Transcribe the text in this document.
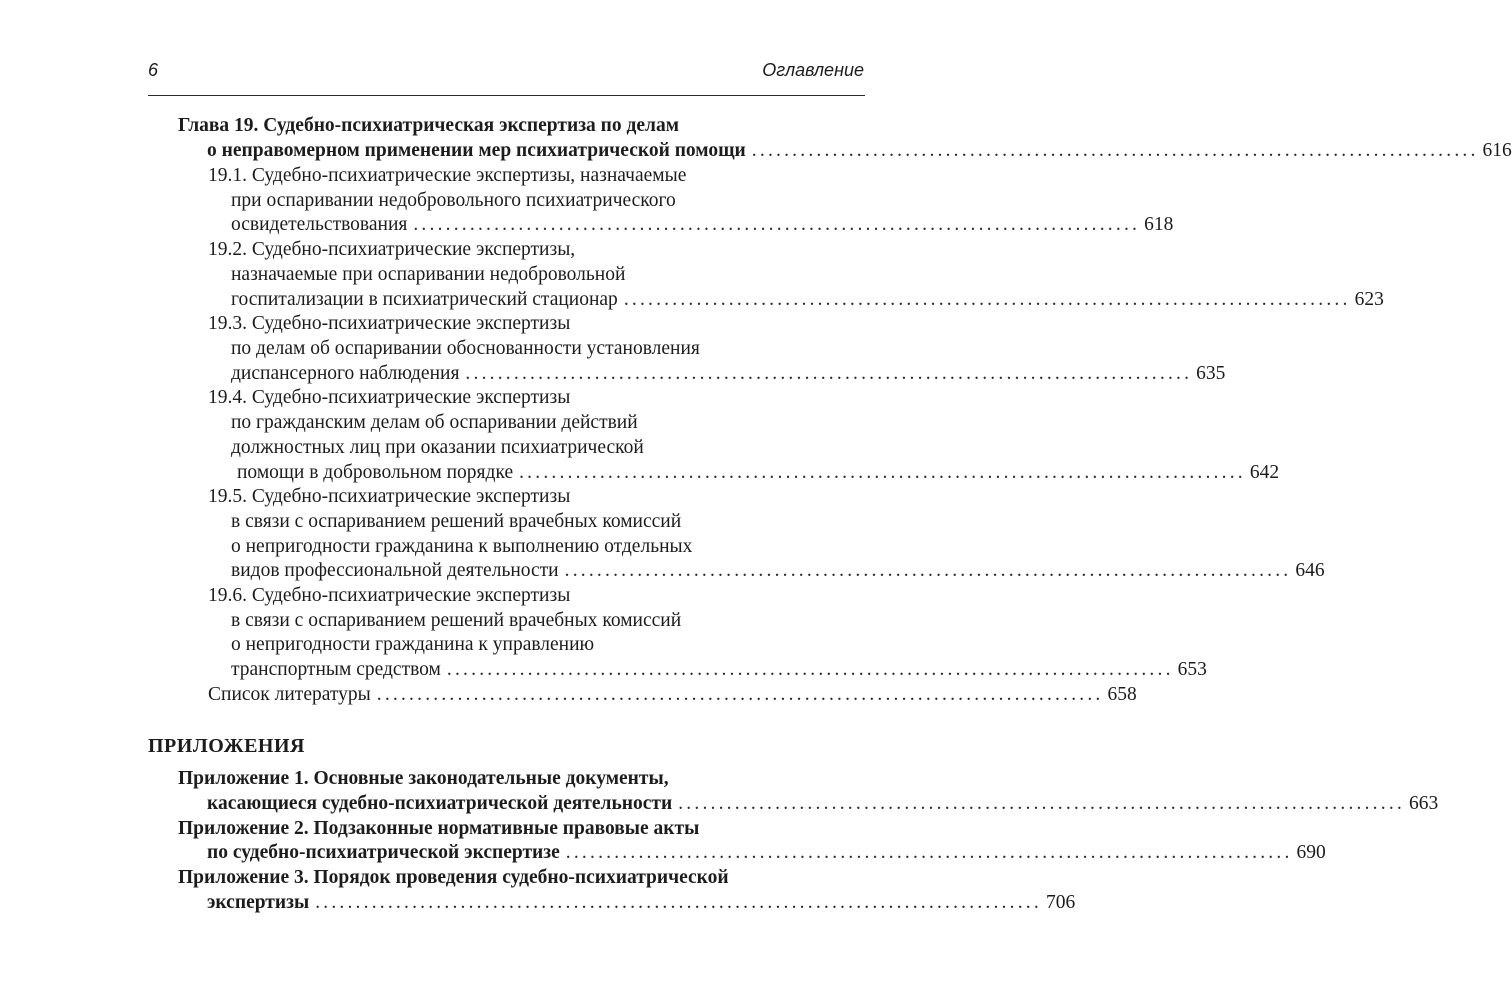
6	Оглавление
Глава 19. Судебно-психиатрическая экспертиза по делам
о неправомерном применении мер психиатрической помощи .......................................................................................... 616
19.1. Судебно-психиатрические экспертизы, назначаемые
при оспаривании недобровольного психиатрического
освидетельствования .......................................................................................... 618
19.2. Судебно-психиатрические экспертизы,
назначаемые при оспаривании недобровольной
госпитализации в психиатрический стационар .......................................................................................... 623
19.3. Судебно-психиатрические экспертизы
по делам об оспаривании обоснованности установления
диспансерного наблюдения .......................................................................................... 635
19.4. Судебно-психиатрические экспертизы
по гражданским делам об оспаривании действий
должностных лиц при оказании психиатрической
помощи в добровольном порядке .......................................................................................... 642
19.5. Судебно-психиатрические экспертизы
в связи с оспариванием решений врачебных комиссий
о непригодности гражданина к выполнению отдельных
видов профессиональной деятельности .......................................................................................... 646
19.6. Судебно-психиатрические экспертизы
в связи с оспариванием решений врачебных комиссий
о непригодности гражданина к управлению
транспортным средством .......................................................................................... 653
Список литературы .......................................................................................... 658
ПРИЛОЖЕНИЯ
Приложение 1. Основные законодательные документы,
касающиеся судебно-психиатрической деятельности .......................................................................................... 663
Приложение 2. Подзаконные нормативные правовые акты
по судебно-психиатрической экспертизе .......................................................................................... 690
Приложение 3. Порядок проведения судебно-психиатрической
экспертизы .......................................................................................... 706
